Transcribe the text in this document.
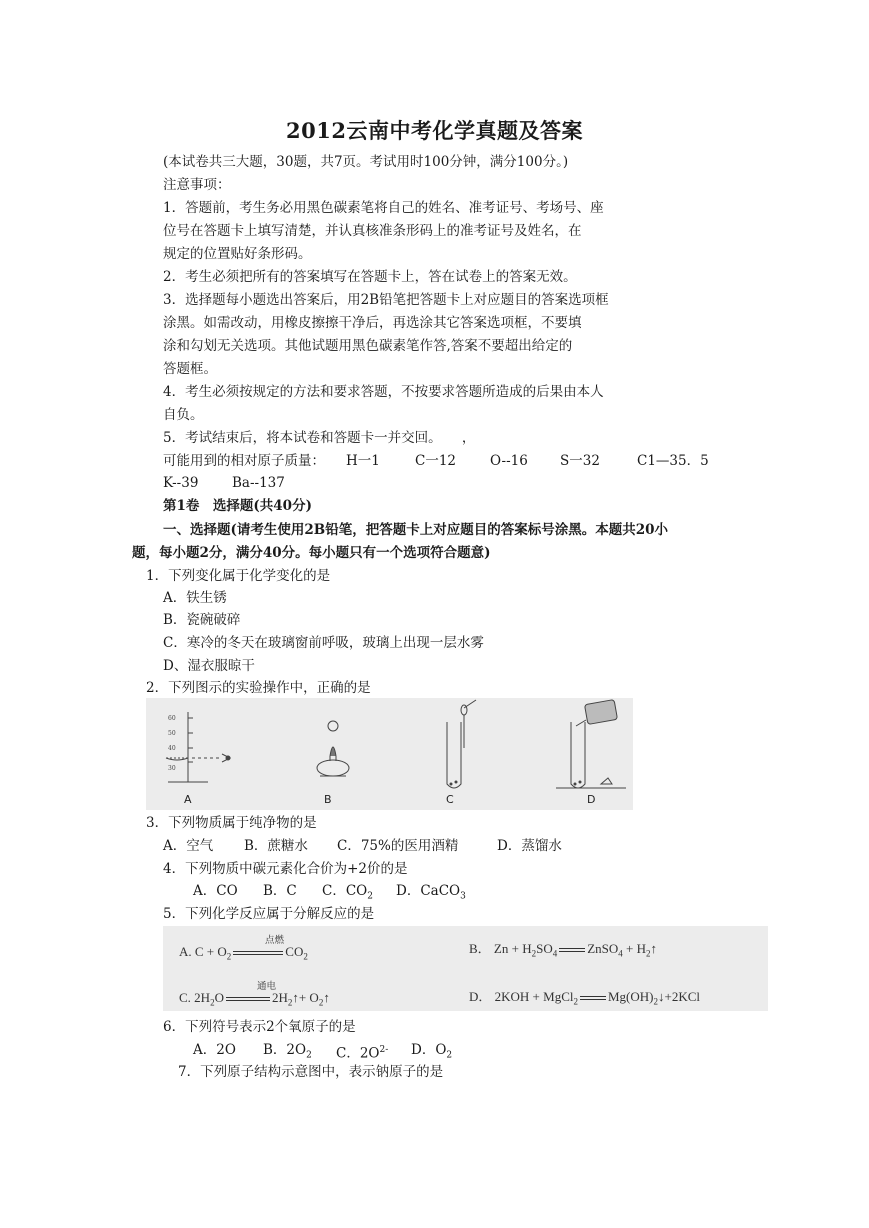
2012云南中考化学真题及答案
(本试卷共三大题，30题，共7页。考试用时100分钟，满分100分。)
注意事项：
1．答题前，考生务必用黑色碳素笔将自己的姓名、准考证号、考场号、座
位号在答题卡上填写清楚，并认真核准条形码上的准考证号及姓名，在
规定的位置贴好条形码。
2．考生必须把所有的答案填写在答题卡上，答在试卷上的答案无效。
3．选择题每小题选出答案后，用2B铅笔把答题卡上对应题目的答案选项框
涂黑。如需改动，用橡皮擦擦干净后，再选涂其它答案选项框，不要填
涂和勾划无关选项。其他试题用黑色碳素笔作答,答案不要超出给定的
答题框。
4．考生必须按规定的方法和要求答题，不按要求答题所造成的后果由本人
自负。
5．考试结束后，将本试卷和答题卡一并交回。　　，
可能用到的相对原子质量： H一1	C一12	O--16 S一32	C1—35．5
K--39 Ba--137
第1卷　选择题(共40分)
一、选择题(请考生使用2B铅笔，把答题卡上对应题目的答案标号涂黑。本题共20小
题，每小题2分，满分40分。每小题只有一个选项符合题意)
1．下列变化属于化学变化的是
A．铁生锈
B．瓷碗破碎
C．寒冷的冬天在玻璃窗前呼吸，玻璃上出现一层水雾
D、湿衣服晾干
2．下列图示的实验操作中，正确的是
60
50
40
30
A	B	C	D
3．下列物质属于纯净物的是
A．空气 B．蔗糖水 C．75%的医用酒精	D．蒸馏水
4．下列物质中碳元素化合价为+2价的是
A．CO B．C C．$CO_2$ D．CaCO$_3$
5．下列化学反应属于分解反应的是
点燃
A. $C + O_2$	$CO_2$
B． $Zn + H_2SO_4$ ZnSO$_4$ + $H_2↑$
通电
C. $2H_2O$	$2H_2↑+$ $O_2↑$	D． 2KOH + MgCl$_2$ $Mg(OH)_2↓+2KCl$
6．下列符号表示2个氧原子的是
A．2O B．$2O_2$ C．$2O^{2-}$ D．$O_2$
7．下列原子结构示意图中，表示钠原子的是
